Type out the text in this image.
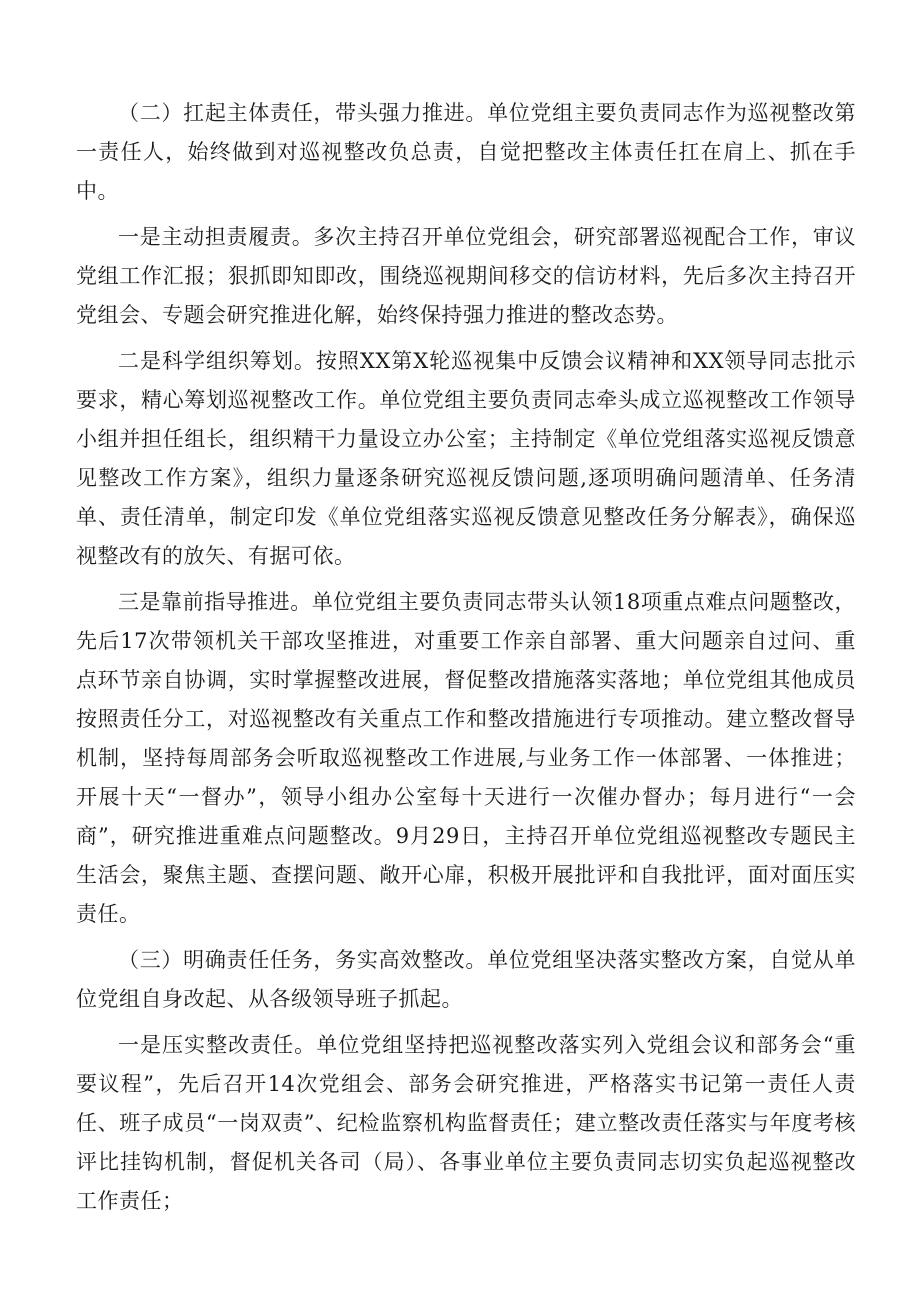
（二）扛起主体责任，带头强力推进。单位党组主要负责同志作为巡视整改第一责任人，始终做到对巡视整改负总责，自觉把整改主体责任扛在肩上、抓在手中。

一是主动担责履责。多次主持召开单位党组会，研究部署巡视配合工作，审议党组工作汇报；狠抓即知即改，围绕巡视期间移交的信访材料，先后多次主持召开党组会、专题会研究推进化解，始终保持强力推进的整改态势。

二是科学组织筹划。按照XX第X轮巡视集中反馈会议精神和XX领导同志批示要求，精心筹划巡视整改工作。单位党组主要负责同志牵头成立巡视整改工作领导小组并担任组长，组织精干力量设立办公室；主持制定《单位党组落实巡视反馈意见整改工作方案》，组织力量逐条研究巡视反馈问题,逐项明确问题清单、任务清单、责任清单，制定印发《单位党组落实巡视反馈意见整改任务分解表》，确保巡视整改有的放矢、有据可依。

三是靠前指导推进。单位党组主要负责同志带头认领18项重点难点问题整改，先后17次带领机关干部攻坚推进，对重要工作亲自部署、重大问题亲自过问、重点环节亲自协调，实时掌握整改进展，督促整改措施落实落地；单位党组其他成员按照责任分工，对巡视整改有关重点工作和整改措施进行专项推动。建立整改督导机制，坚持每周部务会听取巡视整改工作进展,与业务工作一体部署、一体推进；开展十天“一督办”，领导小组办公室每十天进行一次催办督办；每月进行“一会商”，研究推进重难点问题整改。9月29日，主持召开单位党组巡视整改专题民主生活会，聚焦主题、查摆问题、敞开心扉，积极开展批评和自我批评，面对面压实责任。

（三）明确责任任务，务实高效整改。单位党组坚决落实整改方案，自觉从单位党组自身改起、从各级领导班子抓起。

一是压实整改责任。单位党组坚持把巡视整改落实列入党组会议和部务会“重要议程”，先后召开14次党组会、部务会研究推进，严格落实书记第一责任人责任、班子成员“一岗双责”、纪检监察机构监督责任；建立整改责任落实与年度考核评比挂钩机制，督促机关各司（局）、各事业单位主要负责同志切实负起巡视整改工作责任；
